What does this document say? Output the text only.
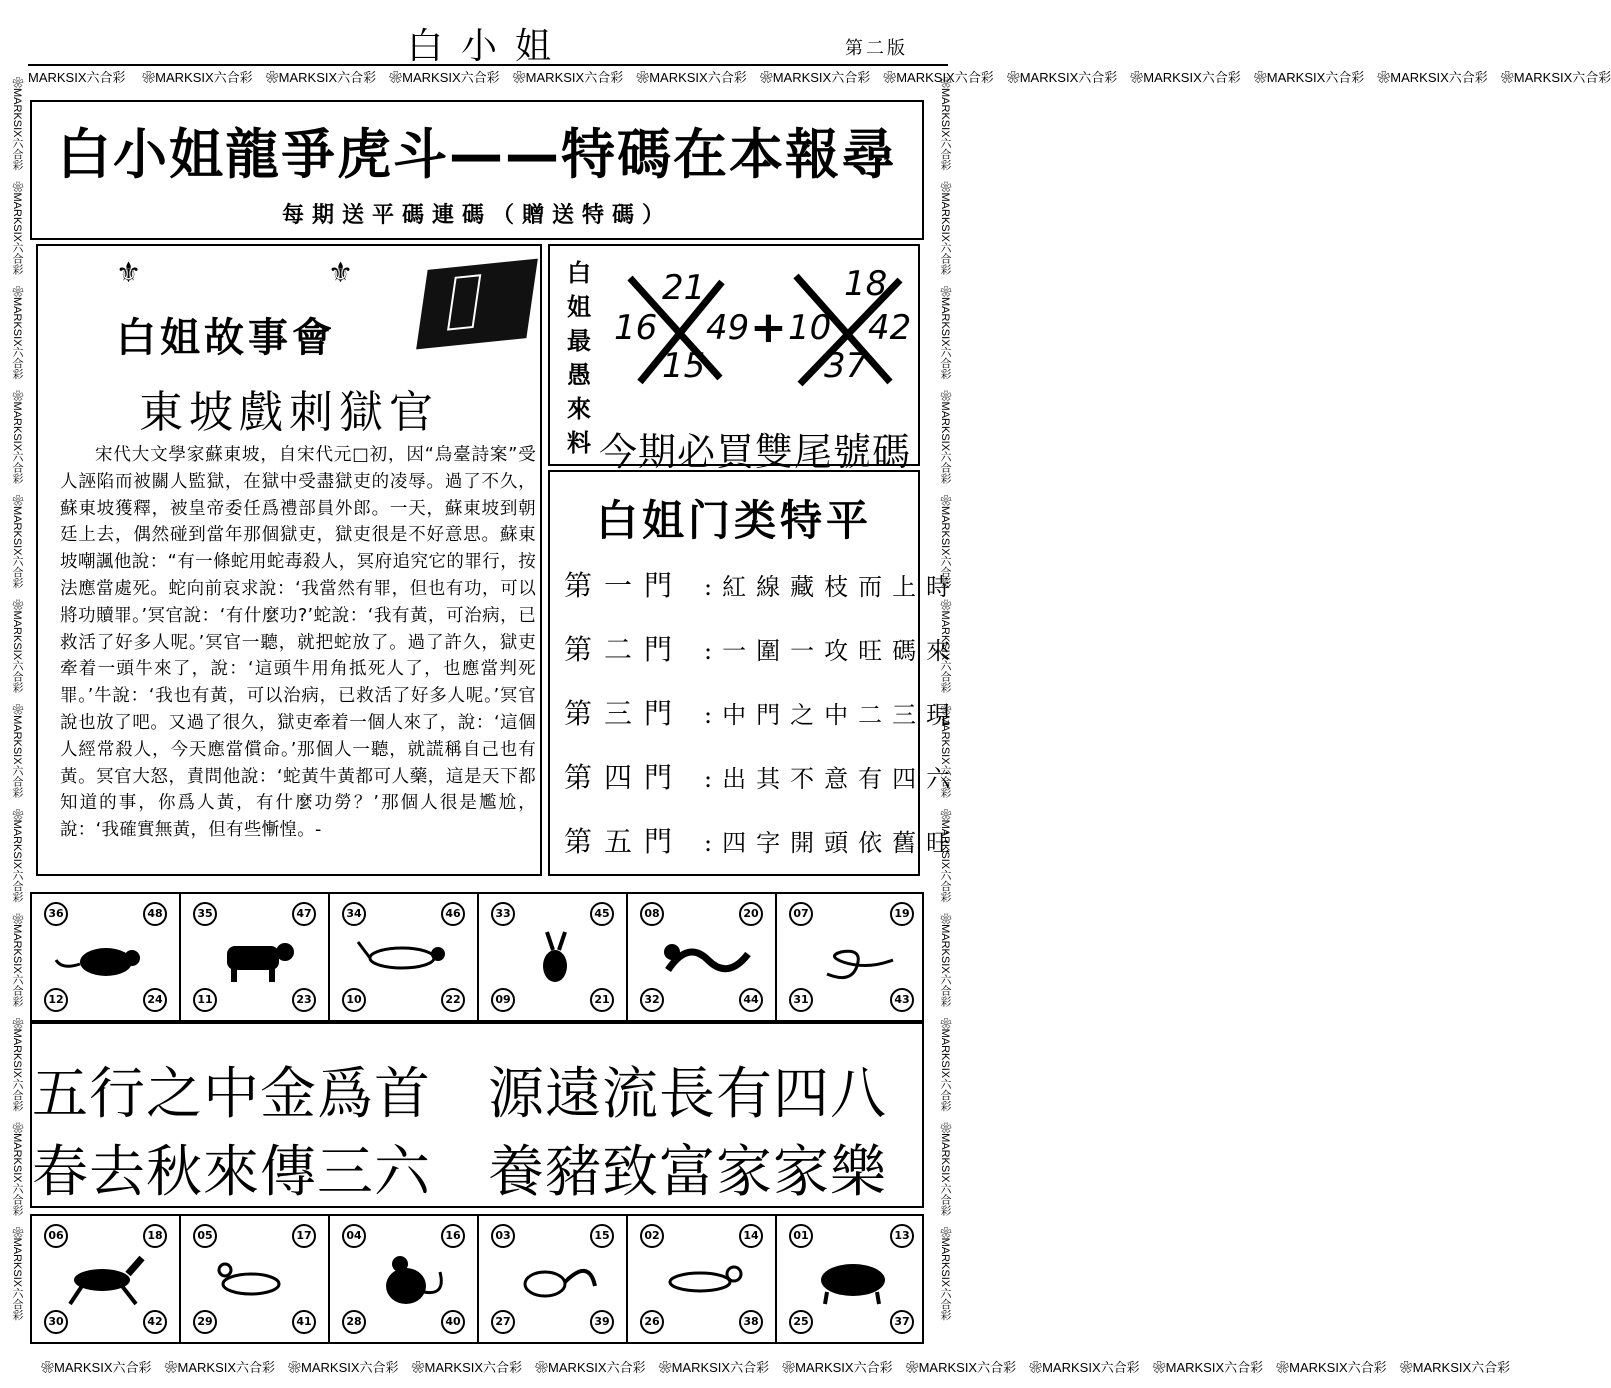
白小姐	第二版
MARKSIX六合彩 　❀MARKSIX六合彩　❀MARKSIX六合彩　❀MARKSIX六合彩　❀MARKSIX六合彩　❀MARKSIX六合彩　❀MARKSIX六合彩　❀MARKSIX六合彩　❀MARKSIX六合彩　❀MARKSIX六合彩　❀MARKSIX六合彩　❀MARKSIX六合彩　❀MARKSIX六合彩
　❀MARKSIX六合彩　❀MARKSIX六合彩　❀MARKSIX六合彩　❀MARKSIX六合彩　❀MARKSIX六合彩　❀MARKSIX六合彩　❀MARKSIX六合彩　❀MARKSIX六合彩　❀MARKSIX六合彩　❀MARKSIX六合彩　❀MARKSIX六合彩　❀MARKSIX六合彩
　❀MARKSIX六合彩　❀MARKSIX六合彩　❀MARKSIX六合彩　❀MARKSIX六合彩　❀MARKSIX六合彩　❀MARKSIX六合彩　❀MARKSIX六合彩　❀MARKSIX六合彩　❀MARKSIX六合彩　❀MARKSIX六合彩　❀MARKSIX六合彩　❀MARKSIX六合彩	　❀MARKSIX六合彩　❀MARKSIX六合彩　❀MARKSIX六合彩　❀MARKSIX六合彩　❀MARKSIX六合彩　❀MARKSIX六合彩　❀MARKSIX六合彩　❀MARKSIX六合彩　❀MARKSIX六合彩　❀MARKSIX六合彩　❀MARKSIX六合彩　❀MARKSIX六合彩
白小姐龍爭虎斗——特碼在本報尋
每期送平碼連碼（贈送特碼）
⚜	⚜
白姐故事會
東坡戲刺獄官
宋代大文學家蘇東坡，自宋代元□初，因“烏臺詩案”受人誣陷而被關人監獄，在獄中受盡獄吏的凌辱。過了不久，蘇東坡獲釋，被皇帝委任爲禮部員外郎。一天，蘇東坡到朝廷上去，偶然碰到當年那個獄吏，獄吏很是不好意思。蘇東坡嘲諷他說：“有一條蛇用蛇毒殺人，冥府追究它的罪行，按法應當處死。蛇向前哀求說：‘我當然有罪，但也有功，可以將功贖罪。’冥官說：‘有什麼功?’蛇說：‘我有黃，可治病，已救活了好多人呢。’冥官一聽，就把蛇放了。過了許久，獄吏牽着一頭牛來了，說：‘這頭牛用角抵死人了，也應當判死罪。’牛說：‘我也有黃，可以治病，已救活了好多人呢。’冥官說也放了吧。又過了很久，獄吏牽着一個人來了，說：‘這個人經常殺人，今天應當償命。’那個人一聽，就謊稱自己也有黃。冥官大怒，責問他說：‘蛇黃牛黃都可人藥，這是天下都知道的事，你爲人黃，有什麼功勞？’那個人很是尷尬，說：‘我確實無黃，但有些慚惶。-
白姐最愚來料
21
16 49
15
+
18
10 42
37
今期必買雙尾號碼
白姐门类特平
第一門 :紅線藏枝而上時
第二門 :一圍一攻旺碼來
第三門 :中門之中二三現
第四門 :出其不意有四六
第五門 :四字開頭依舊旺
36	48
12	24
35	47
11	23
34	46
10	22
33	45
09	21
08	20
32	44
07	19
31	43
五行之中金爲首　源遠流長有四八
春去秋來傳三六　養豬致富家家樂
06	18
30	42
05	17
29	41
04	16
28	40
03	15
27	39
02	14
26	38
01	13
25	37
